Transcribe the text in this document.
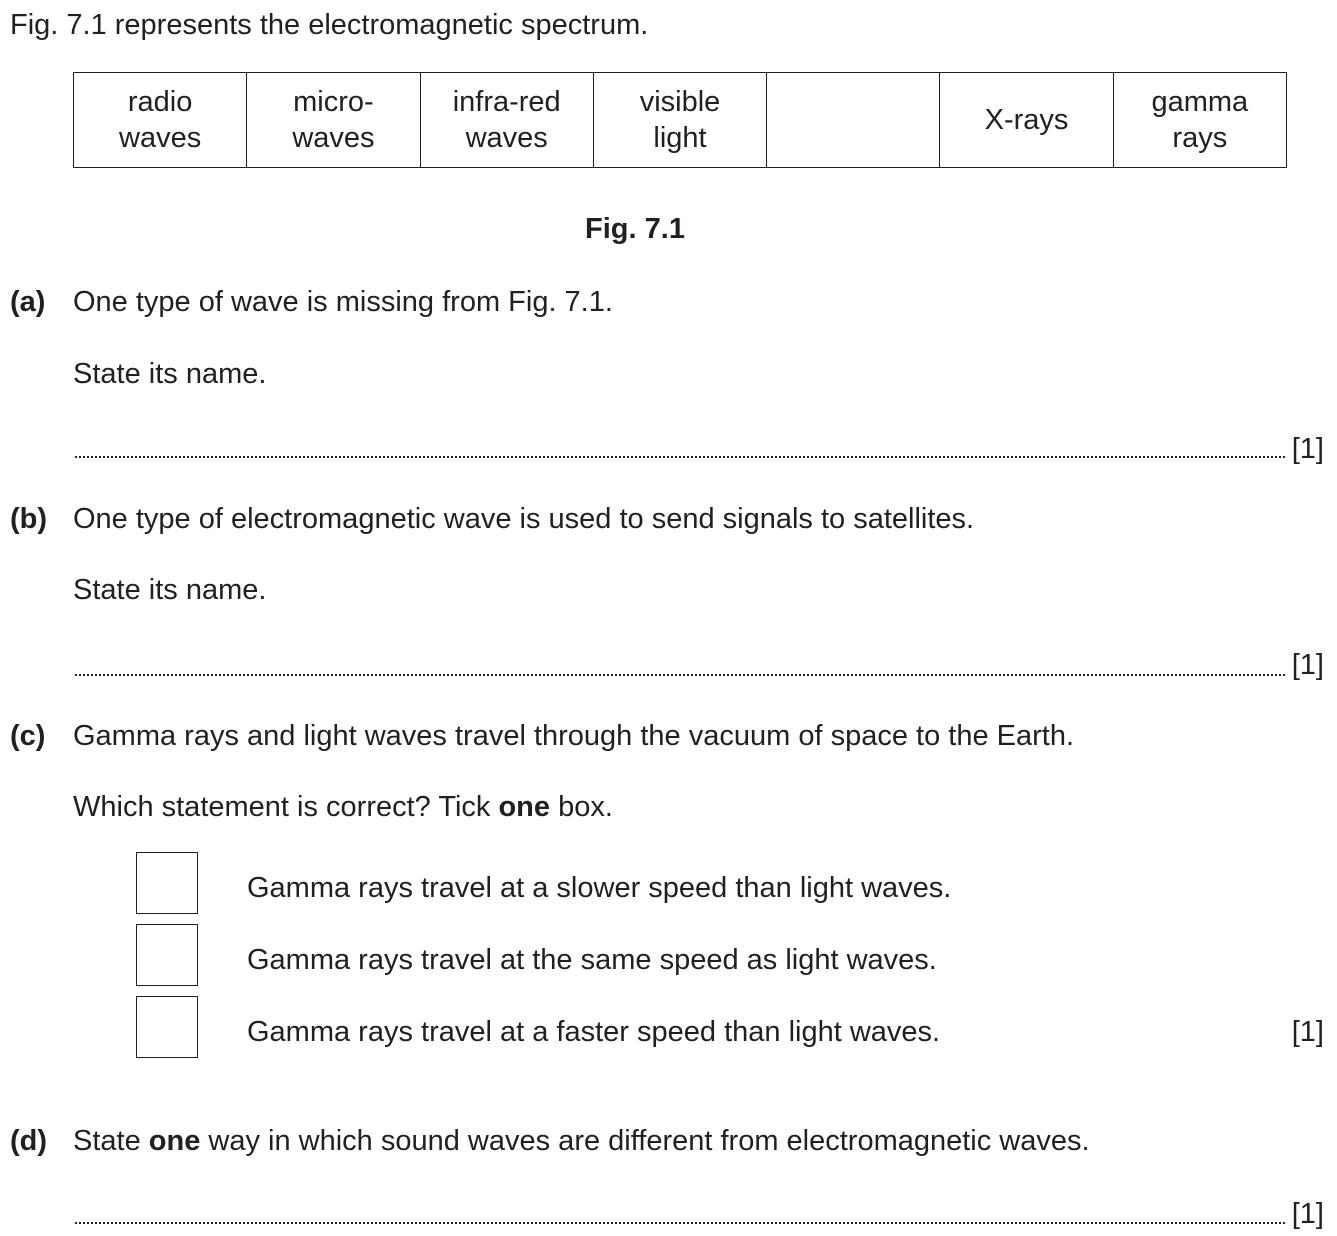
Fig. 7.1 represents the electromagnetic spectrum.
radio
waves
micro-
waves
infra-red
waves
visible
light
X-rays
gamma
rays
Fig. 7.1
(a) One type of wave is missing from Fig. 7.1.
State its name.
[1]
(b) One type of electromagnetic wave is used to send signals to satellites.
State its name.
[1]
(c) Gamma rays and light waves travel through the vacuum of space to the Earth.
Which statement is correct? Tick one box.
Gamma rays travel at a slower speed than light waves.
Gamma rays travel at the same speed as light waves.
Gamma rays travel at a faster speed than light waves.	[1]
(d) State one way in which sound waves are different from electromagnetic waves.
[1]
